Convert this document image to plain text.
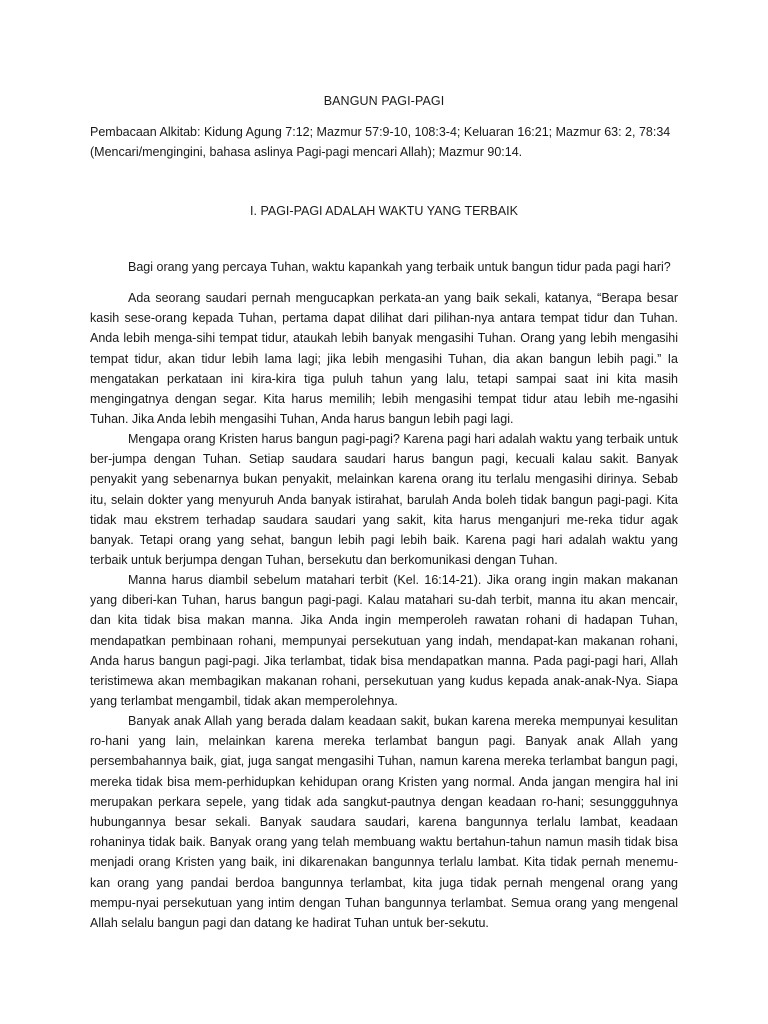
BANGUN PAGI-PAGI

Pembacaan Alkitab: Kidung Agung 7:12; Mazmur 57:9-10, 108:3-4; Keluaran 16:21; Mazmur 63: 2, 78:34

(Mencari/mengingini, bahasa aslinya Pagi-pagi mencari Allah); Mazmur 90:14.

I. PAGI-PAGI ADALAH WAKTU YANG TERBAIK

Bagi orang yang percaya Tuhan, waktu kapankah yang terbaik untuk bangun tidur pada pagi hari?

Ada seorang saudari pernah mengucapkan perkata-an yang baik sekali, katanya, “Berapa besar kasih sese-orang kepada Tuhan, pertama dapat dilihat dari pilihan-nya antara tempat tidur dan Tuhan. Anda lebih menga-sihi tempat tidur, ataukah lebih banyak mengasihi Tuhan. Orang yang lebih mengasihi tempat tidur, akan tidur lebih lama lagi; jika lebih mengasihi Tuhan, dia akan bangun lebih pagi.” Ia mengatakan perkataan ini kira-kira tiga puluh tahun yang lalu, tetapi sampai saat ini kita masih mengingatnya dengan segar. Kita harus memilih; lebih mengasihi tempat tidur atau lebih me-ngasihi Tuhan. Jika Anda lebih mengasihi Tuhan, Anda harus bangun lebih pagi lagi.

Mengapa orang Kristen harus bangun pagi-pagi? Karena pagi hari adalah waktu yang terbaik untuk ber-jumpa dengan Tuhan. Setiap saudara saudari harus bangun pagi, kecuali kalau sakit. Banyak penyakit yang sebenarnya bukan penyakit, melainkan karena orang itu terlalu mengasihi dirinya. Sebab itu, selain dokter yang menyuruh Anda banyak istirahat, barulah Anda boleh tidak bangun pagi-pagi. Kita tidak mau ekstrem terhadap saudara saudari yang sakit, kita harus menganjuri me-reka tidur agak banyak. Tetapi orang yang sehat, bangun lebih pagi lebih baik. Karena pagi hari adalah waktu yang terbaik untuk berjumpa dengan Tuhan, bersekutu dan berkomunikasi dengan Tuhan.

Manna harus diambil sebelum matahari terbit (Kel. 16:14-21). Jika orang ingin makan makanan yang diberi-kan Tuhan, harus bangun pagi-pagi. Kalau matahari su-dah terbit, manna itu akan mencair, dan kita tidak bisa makan manna. Jika Anda ingin memperoleh rawatan rohani di hadapan Tuhan, mendapatkan pembinaan rohani, mempunyai persekutuan yang indah, mendapat-kan makanan rohani, Anda harus bangun pagi-pagi. Jika terlambat, tidak bisa mendapatkan manna. Pada pagi-pagi hari, Allah teristimewa akan membagikan makanan rohani, persekutuan yang kudus kepada anak-anak-Nya. Siapa yang terlambat mengambil, tidak akan memperolehnya.

Banyak anak Allah yang berada dalam keadaan sakit, bukan karena mereka mempunyai kesulitan ro-hani yang lain, melainkan karena mereka terlambat bangun pagi. Banyak anak Allah yang persembahannya baik, giat, juga sangat mengasihi Tuhan, namun karena mereka terlambat bangun pagi, mereka tidak bisa mem-perhidupkan kehidupan orang Kristen yang normal. Anda jangan mengira hal ini merupakan perkara sepele, yang tidak ada sangkut-pautnya dengan keadaan ro-hani; sesunggguhnya hubungannya besar sekali. Banyak saudara saudari, karena bangunnya terlalu lambat, keadaan rohaninya tidak baik. Banyak orang yang telah membuang waktu bertahun-tahun namun masih tidak bisa menjadi orang Kristen yang baik, ini dikarenakan bangunnya terlalu lambat. Kita tidak pernah menemu-kan orang yang pandai berdoa bangunnya terlambat, kita juga tidak pernah mengenal orang yang mempu-nyai persekutuan yang intim dengan Tuhan bangunnya terlambat. Semua orang yang mengenal Allah selalu bangun pagi dan datang ke hadirat Tuhan untuk ber-sekutu.
